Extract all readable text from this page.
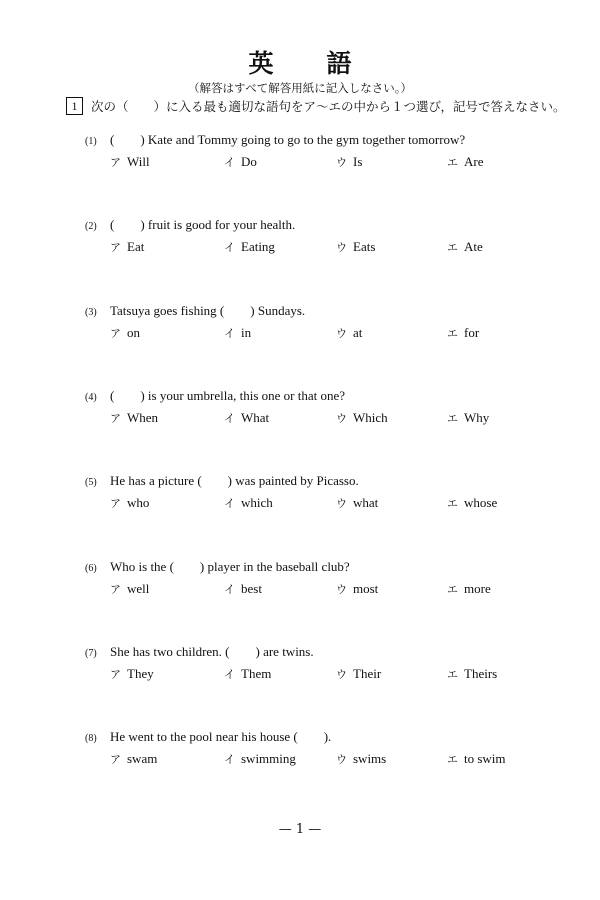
英　語
（解答はすべて解答用紙に記入しなさい。）
1	次の（　　）に入る最も適切な語句をア～エの中から１つ選び，記号で答えなさい。
(1)	(　　) Kate and Tommy going to go to the gym together tomorrow?
ア Will	イ Do	ウ Is	エ Are
(2)	(　　) fruit is good for your health.
ア Eat	イ Eating	ウ Eats	エ Ate
(3)	Tatsuya goes fishing (　　) Sundays.
ア on	イ in	ウ at	エ for
(4)	(　　) is your umbrella, this one or that one?
ア When	イ What	ウ Which	エ Why
(5)	He has a picture (　　) was painted by Picasso.
ア who	イ which	ウ what	エ whose
(6)	Who is the (　　) player in the baseball club?
ア well	イ best	ウ most	エ more
(7)	She has two children. (　　) are twins.
ア They	イ Them	ウ Their	エ Theirs
(8)	He went to the pool near his house (　　).
ア swam	イ swimming	ウ swims	エ to swim
— 1 —
